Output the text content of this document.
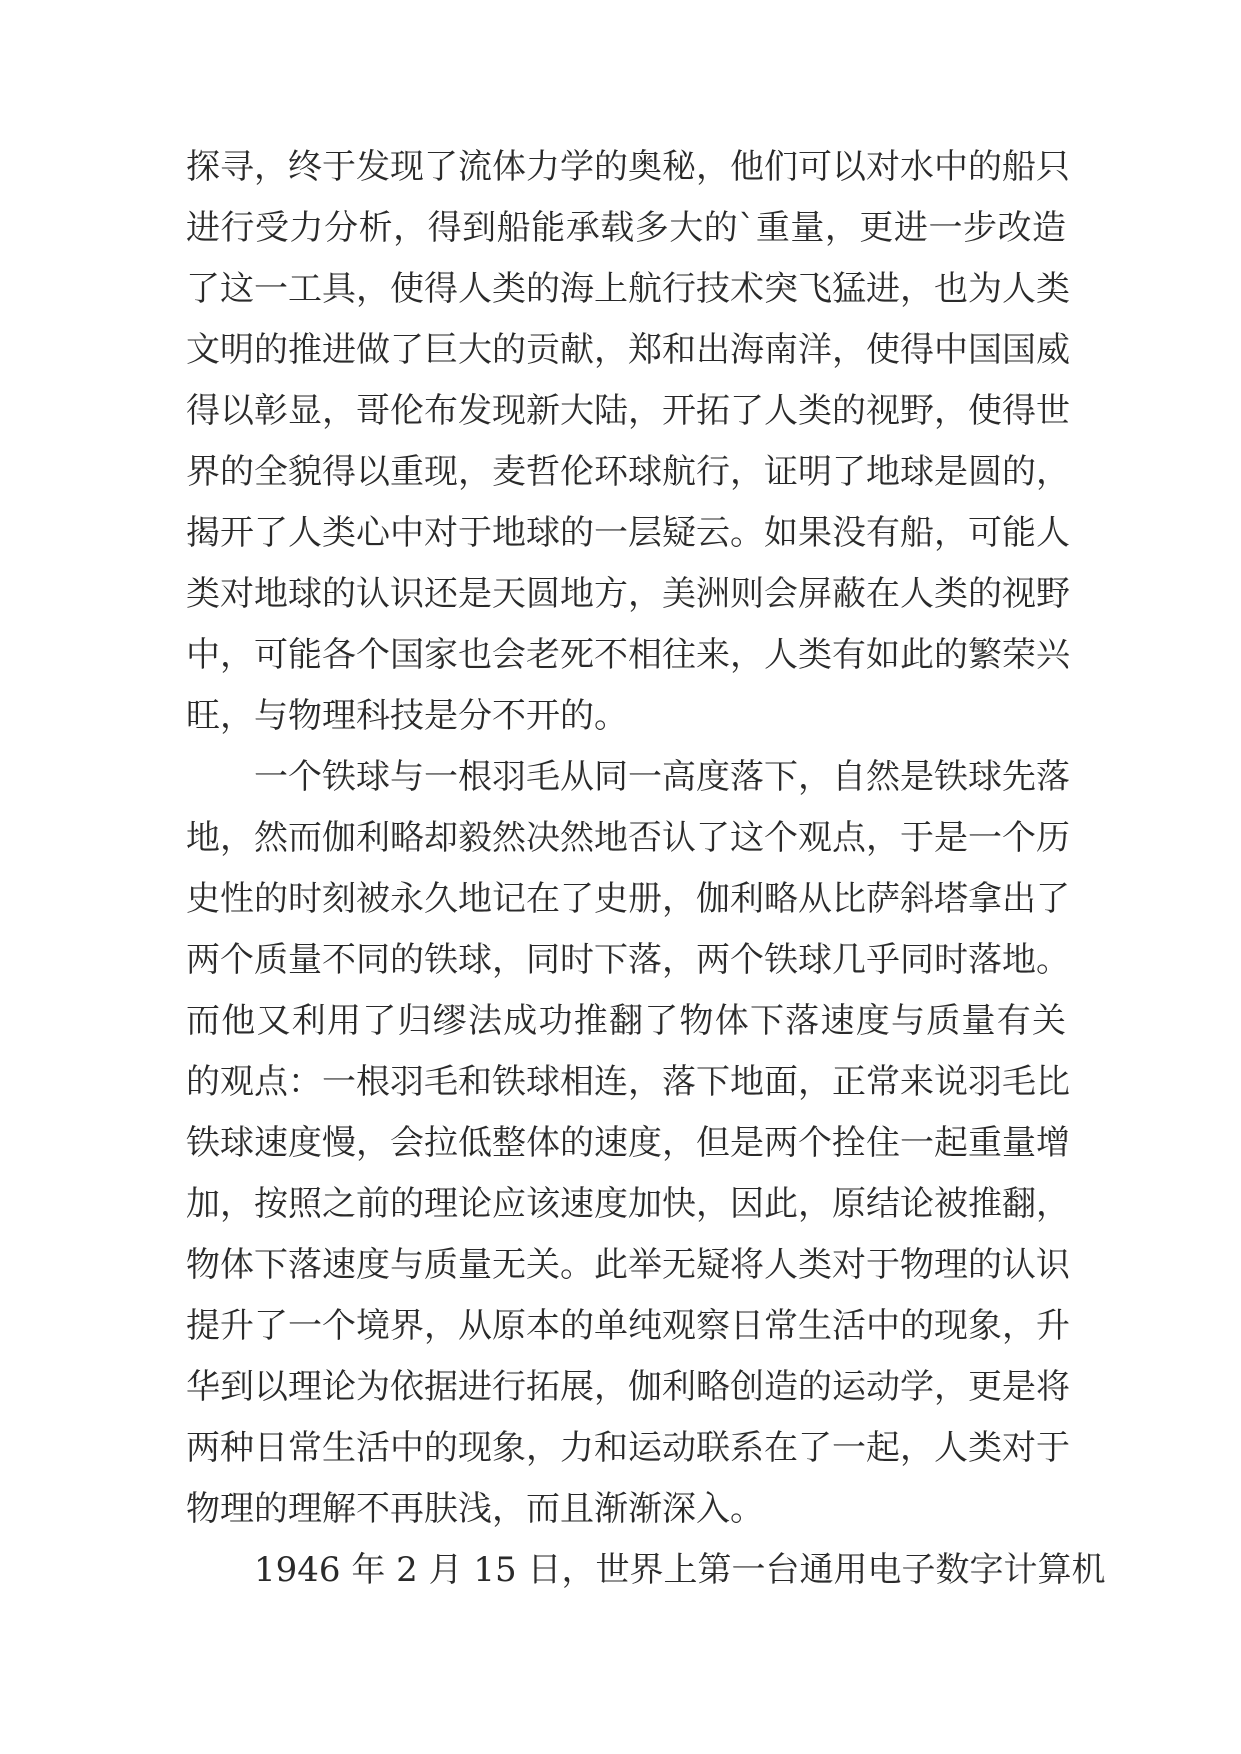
探寻，终于发现了流体力学的奥秘，他们可以对水中的船只
进行受力分析，得到船能承载多大的`重量，更进一步改造
了这一工具，使得人类的海上航行技术突飞猛进，也为人类
文明的推进做了巨大的贡献，郑和出海南洋，使得中国国威
得以彰显，哥伦布发现新大陆，开拓了人类的视野，使得世
界的全貌得以重现，麦哲伦环球航行，证明了地球是圆的，
揭开了人类心中对于地球的一层疑云。如果没有船，可能人
类对地球的认识还是天圆地方，美洲则会屏蔽在人类的视野
中，可能各个国家也会老死不相往来，人类有如此的繁荣兴
旺，与物理科技是分不开的。
一个铁球与一根羽毛从同一高度落下，自然是铁球先落
地，然而伽利略却毅然决然地否认了这个观点，于是一个历
史性的时刻被永久地记在了史册，伽利略从比萨斜塔拿出了
两个质量不同的铁球，同时下落，两个铁球几乎同时落地。
而他又利用了归缪法成功推翻了物体下落速度与质量有关
的观点：一根羽毛和铁球相连，落下地面，正常来说羽毛比
铁球速度慢，会拉低整体的速度，但是两个拴住一起重量增
加，按照之前的理论应该速度加快，因此，原结论被推翻，
物体下落速度与质量无关。此举无疑将人类对于物理的认识
提升了一个境界，从原本的单纯观察日常生活中的现象，升
华到以理论为依据进行拓展，伽利略创造的运动学，更是将
两种日常生活中的现象，力和运动联系在了一起，人类对于
物理的理解不再肤浅，而且渐渐深入。
1946 年 2 月 15 日，世界上第一台通用电子数字计算机
